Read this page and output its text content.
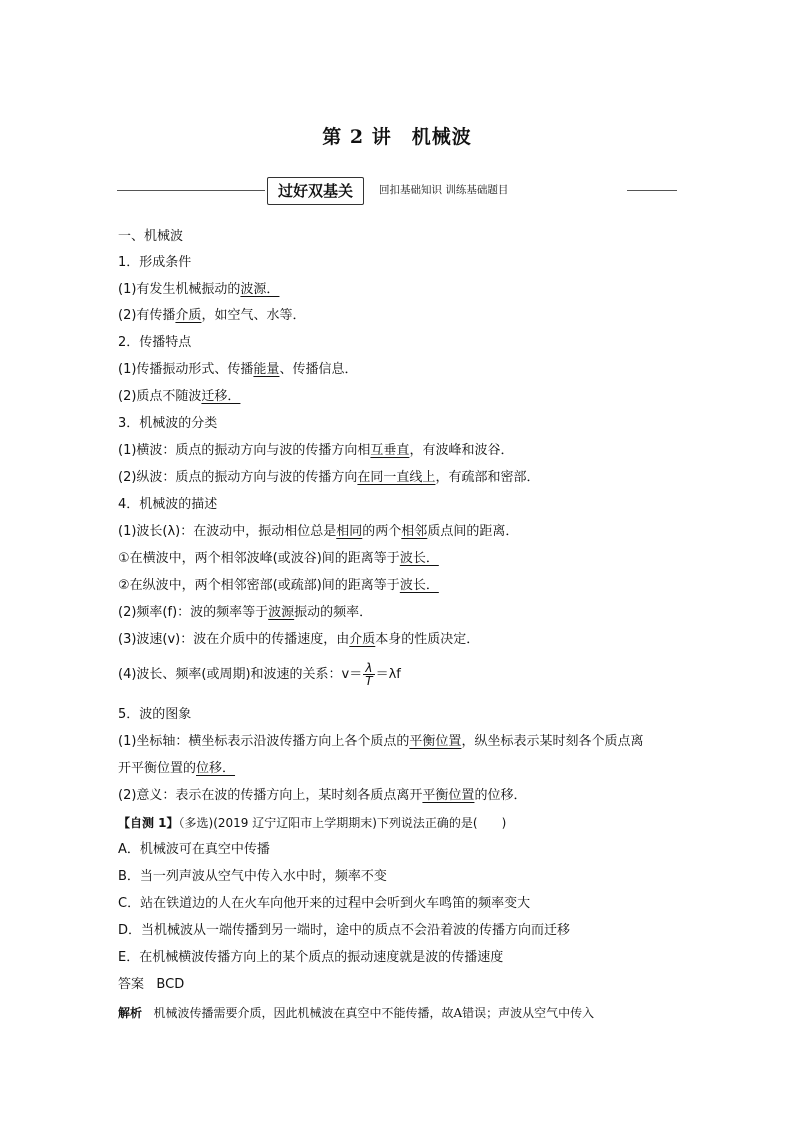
第 2 讲　机械波
过好双基关	回扣基础知识 训练基础题目
一、机械波
1．形成条件
(1)有发生机械振动的波源．
(2)有传播介质，如空气、水等．
2．传播特点
(1)传播振动形式、传播能量、传播信息．
(2)质点不随波迁移．
3．机械波的分类
(1)横波：质点的振动方向与波的传播方向相互垂直，有波峰和波谷．
(2)纵波：质点的振动方向与波的传播方向在同一直线上，有疏部和密部．
4．机械波的描述
(1)波长(λ)：在波动中，振动相位总是相同的两个相邻质点间的距离．
①在横波中，两个相邻波峰(或波谷)间的距离等于波长．
②在纵波中，两个相邻密部(或疏部)间的距离等于波长．
(2)频率(f)：波的频率等于波源振动的频率．
(3)波速(v)：波在介质中的传播速度，由介质本身的性质决定．
(4)波长、频率(或周期)和波速的关系：$v= \frac{\lambda}{T} =\lambda f$
5．波的图象
(1)坐标轴：横坐标表示沿波传播方向上各个质点的平衡位置，纵坐标表示某时刻各个质点离
开平衡位置的位移．
(2)意义：表示在波的传播方向上，某时刻各质点离开平衡位置的位移．
【自测 1】（多选)(2019 辽宁辽阳市上学期期末)下列说法正确的是(　　)
A．机械波可在真空中传播
B．当一列声波从空气中传入水中时，频率不变
C．站在铁道边的人在火车向他开来的过程中会听到火车鸣笛的频率变大
D．当机械波从一端传播到另一端时，途中的质点不会沿着波的传播方向而迁移
E．在机械横波传播方向上的某个质点的振动速度就是波的传播速度
答案 BCD
解析 机械波传播需要介质，因此机械波在真空中不能传播，故A错误；声波从空气中传入
